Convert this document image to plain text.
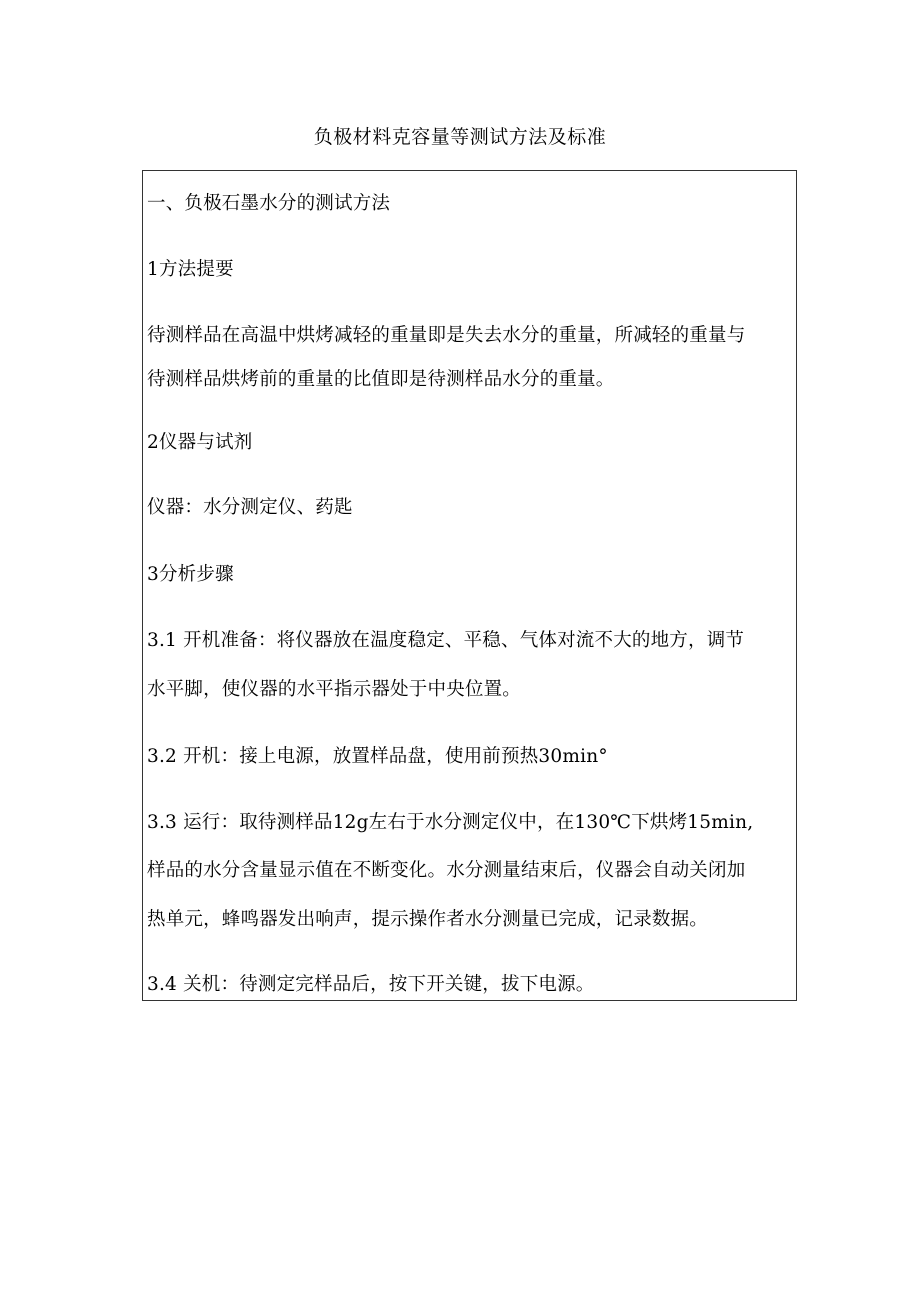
负极材料克容量等测试方法及标准
一、负极石墨水分的测试方法
1方法提要
待测样品在高温中烘烤减轻的重量即是失去水分的重量，所减轻的重量与
待测样品烘烤前的重量的比值即是待测样品水分的重量。
2仪器与试剂
仪器：水分测定仪、药匙
3分析步骤
3.1 开机准备：将仪器放在温度稳定、平稳、气体对流不大的地方，调节
水平脚，使仪器的水平指示器处于中央位置。
3.2 开机：接上电源，放置样品盘，使用前预热30min°
3.3 运行：取待测样品12g左右于水分测定仪中，在130℃下烘烤15min,
样品的水分含量显示值在不断变化。水分测量结束后，仪器会自动关闭加
热单元，蜂鸣器发出响声，提示操作者水分测量已完成，记录数据。
3.4 关机：待测定完样品后，按下开关键，拔下电源。
